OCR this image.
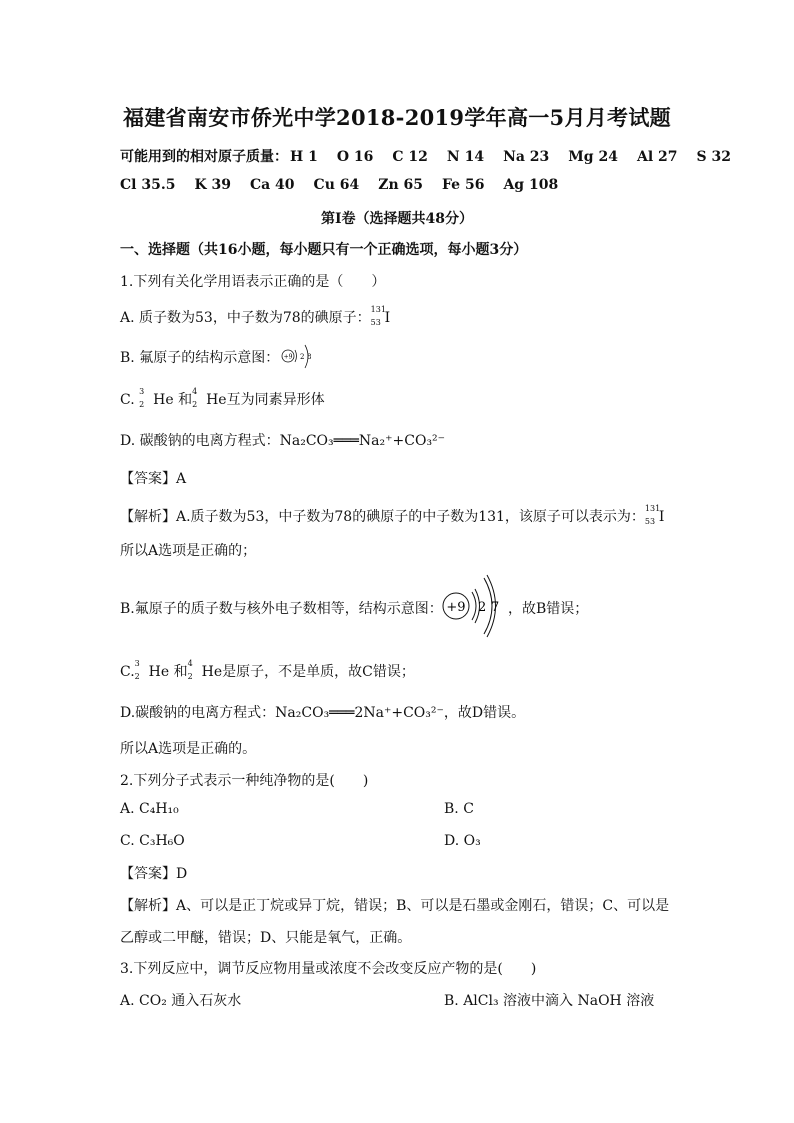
福建省南安市侨光中学2018-2019学年高一5月月考试题
可能用到的相对原子质量： H 1 O 16 C 12 N 14 Na 23 Mg 24 Al 27 S 32
Cl 35.5 K 39 Ca 40 Cu 64 Zn 65 Fe 56 Ag 108
第Ⅰ卷（选择题共48分）
一、选择题（共16小题，每小题只有一个正确选项，每小题3分）
1.下列有关化学用语表示正确的是（　　）
A. 质子数为53，中子数为78的碘原子：
131
53 I
B. 氟原子的结构示意图： +9 2 8
C.
3
2 He 和
4
2 He互为同素异形体
D. 碳酸钠的电离方程式：Na₂CO₃═══Na₂⁺+CO₃²⁻
【答案】A
【解析】A.质子数为53，中子数为78的碘原子的中子数为131，该原子可以表示为：
131
53 I
所以A选项是正确的；
B.氟原子的质子数与核外电子数相等，结构示意图： +9 2 7 ，故B错误；
C.
3
2 He 和
4
2 He是原子，不是单质，故C错误；
D.碳酸钠的电离方程式：Na₂CO₃═══2Na⁺+CO₃²⁻，故D错误。
所以A选项是正确的。
2.下列分子式表示一种纯净物的是(　　)
A. C₄H₁₀	B. C
C. C₃H₆O	D. O₃
【答案】D
【解析】A、可以是正丁烷或异丁烷，错误；B、可以是石墨或金刚石，错误；C、可以是
乙醇或二甲醚，错误；D、只能是氧气，正确。
3.下列反应中，调节反应物用量或浓度不会改变反应产物的是(　　)
A. CO₂ 通入石灰水	B. AlCl₃ 溶液中滴入 NaOH 溶液
